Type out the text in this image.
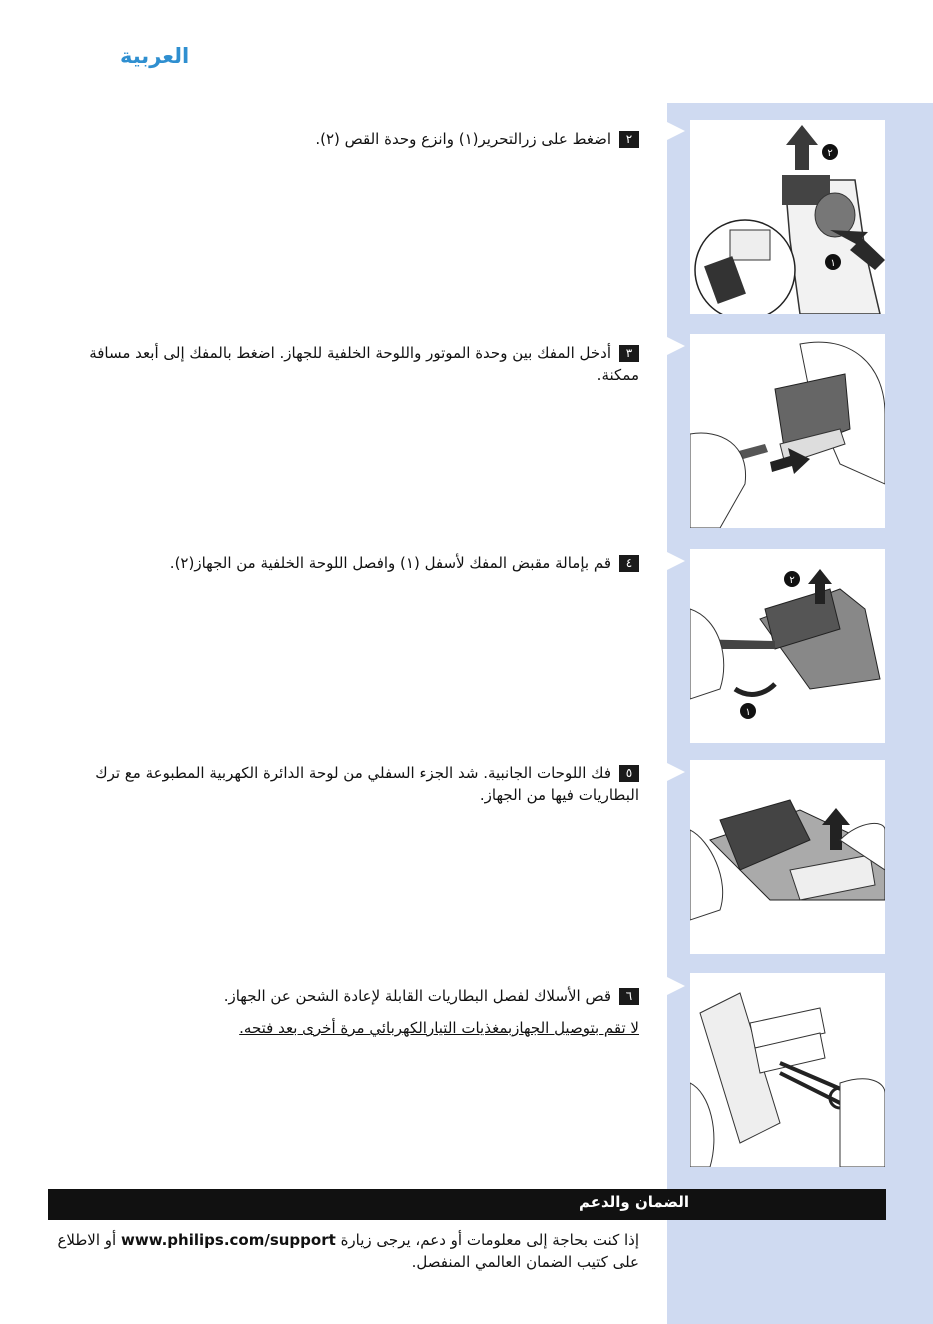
العربية
٢
١
٢اضغط على زرالتحرير(١) وانزع وحدة القص (٢).
٣أدخل المفك بين وحدة الموتور واللوحة الخلفية للجهاز. اضغط بالمفك إلى أبعد مسافة ممكنة.
٢
١
٤قم بإمالة مقبض المفك لأسفل (١) وافصل اللوحة الخلفية من الجهاز(٢).
٥فك اللوحات الجانبية. شد الجزء السفلي من لوحة الدائرة الكهربية المطبوعة مع ترك البطاريات فيها من الجهاز.
٦قص الأسلاك لفصل البطاريات القابلة لإعادة الشحن عن الجهاز.
لا تقم بتوصيل الجهازبمغذيات التيارالكهربائي مرة أخرى بعد فتحه.
الضمان والدعم
إذا كنت بحاجة إلى معلومات أو دعم، يرجى زيارة www.philips.com/support أو الاطلاع على كتيب الضمان العالمي المنفصل.
